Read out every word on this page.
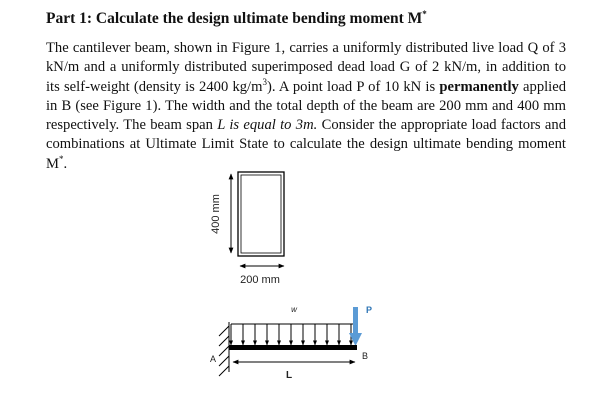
Part 1: Calculate the design ultimate bending moment M*
The cantilever beam, shown in Figure 1, carries a uniformly distributed live load Q of 3 kN/m and a uniformly distributed superimposed dead load G of 2 kN/m, in addition to its self-weight (density is 2400 $kg/m^3$). A point load P of 10 kN is permanently applied in B (see Figure 1). The width and the total depth of the beam are 200 mm and 400 mm respectively. The beam span L is equal to 3m. Consider the appropriate load factors and combinations at Ultimate Limit State to calculate the design ultimate bending moment M*.
400 mm
200 mm
w	P
A	B
L
